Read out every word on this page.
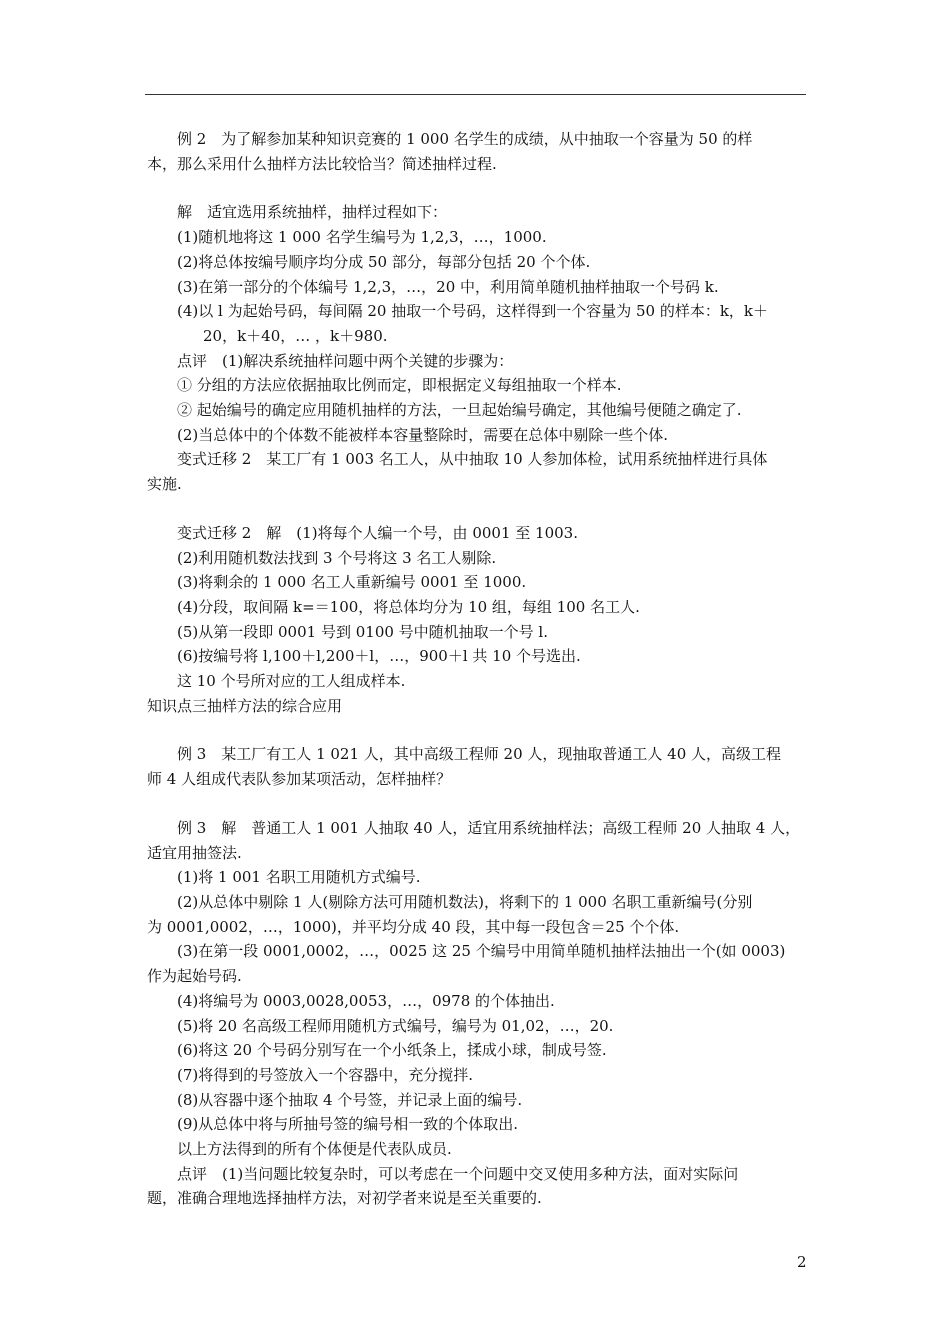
例 2　为了解参加某种知识竞赛的 1 000 名学生的成绩，从中抽取一个容量为 50 的样

本，那么采用什么抽样方法比较恰当？简述抽样过程.

解　适宜选用系统抽样，抽样过程如下：

(1)随机地将这 1 000 名学生编号为 1,2,3，…，1000.

(2)将总体按编号顺序均分成 50 部分，每部分包括 20 个个体.

(3)在第一部分的个体编号 1,2,3，…，20 中，利用简单随机抽样抽取一个号码 k.

(4)以 l 为起始号码，每间隔 20 抽取一个号码，这样得到一个容量为 50 的样本：k，k＋

20，k＋40，… ，k＋980.

点评　(1)解决系统抽样问题中两个关键的步骤为：

① 分组的方法应依据抽取比例而定，即根据定义每组抽取一个样本.

② 起始编号的确定应用随机抽样的方法，一旦起始编号确定，其他编号便随之确定了.

(2)当总体中的个体数不能被样本容量整除时，需要在总体中剔除一些个体.

变式迁移 2　某工厂有 1 003 名工人，从中抽取 10 人参加体检，试用系统抽样进行具体

实施.

变式迁移 2　解　(1)将每个人编一个号，由 0001 至 1003.

(2)利用随机数法找到 3 个号将这 3 名工人剔除.

(3)将剩余的 1 000 名工人重新编号 0001 至 1000.

(4)分段，取间隔 k=＝100，将总体均分为 10 组，每组 100 名工人.

(5)从第一段即 0001 号到 0100 号中随机抽取一个号 l.

(6)按编号将 l,100＋l,200＋l，…，900＋l 共 10 个号选出.

这 10 个号所对应的工人组成样本.

知识点三抽样方法的综合应用

例 3　某工厂有工人 1 021 人，其中高级工程师 20 人，现抽取普通工人 40 人，高级工程

师 4 人组成代表队参加某项活动，怎样抽样？

例 3　解　普通工人 1 001 人抽取 40 人，适宜用系统抽样法；高级工程师 20 人抽取 4 人，

适宜用抽签法.

(1)将 1 001 名职工用随机方式编号.

(2)从总体中剔除 1 人(剔除方法可用随机数法)，将剩下的 1 000 名职工重新编号(分别

为 0001,0002，…，1000)，并平均分成 40 段，其中每一段包含＝25 个个体.

(3)在第一段 0001,0002，…，0025 这 25 个编号中用简单随机抽样法抽出一个(如 0003)

作为起始号码.

(4)将编号为 0003,0028,0053，…，0978 的个体抽出.

(5)将 20 名高级工程师用随机方式编号，编号为 01,02，…，20.

(6)将这 20 个号码分别写在一个小纸条上，揉成小球，制成号签.

(7)将得到的号签放入一个容器中，充分搅拌.

(8)从容器中逐个抽取 4 个号签，并记录上面的编号.

(9)从总体中将与所抽号签的编号相一致的个体取出.

以上方法得到的所有个体便是代表队成员.

点评　(1)当问题比较复杂时，可以考虑在一个问题中交叉使用多种方法，面对实际问

题，准确合理地选择抽样方法，对初学者来说是至关重要的.

2
